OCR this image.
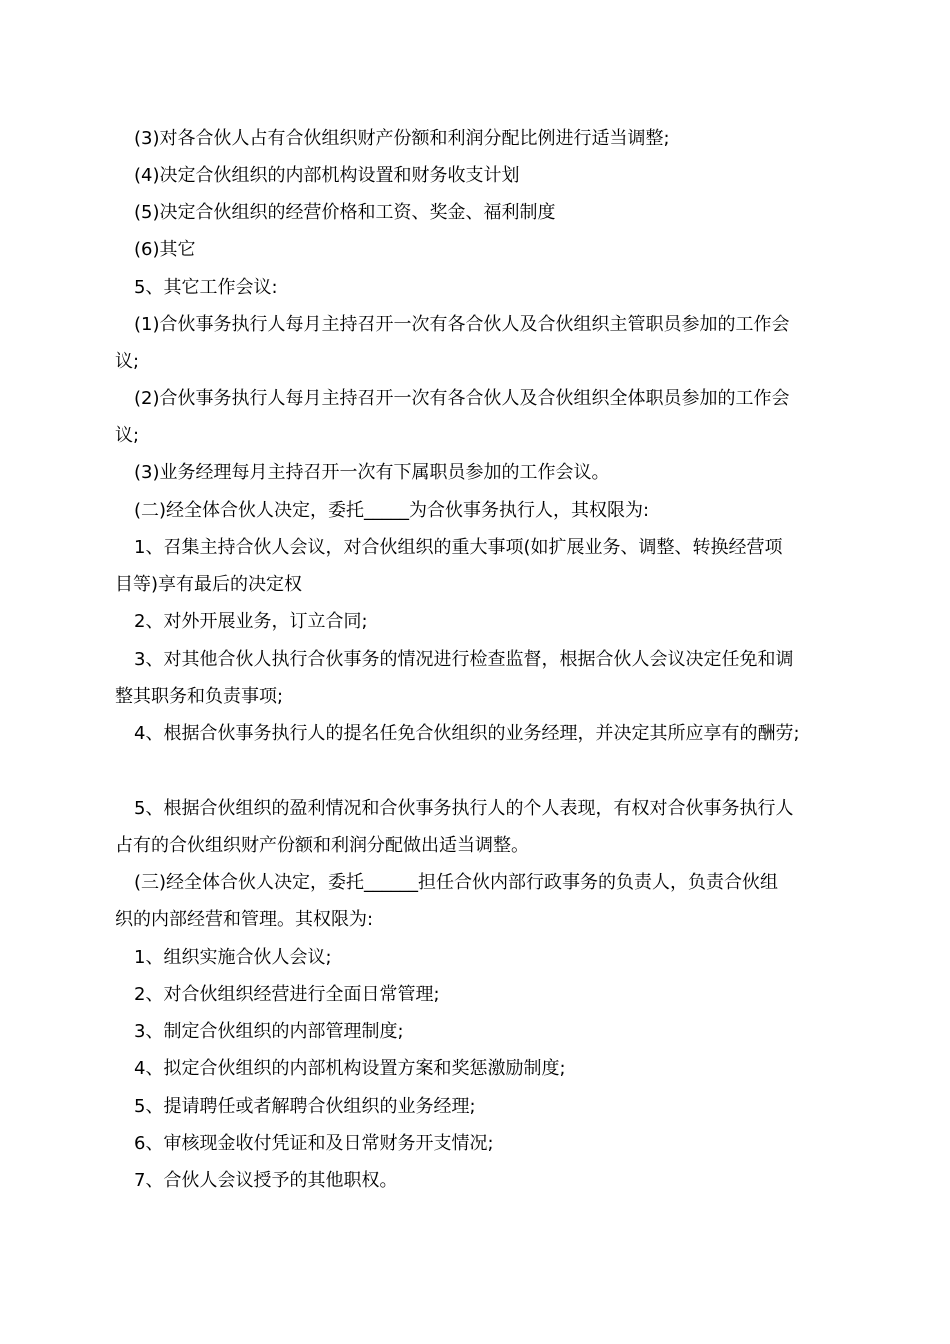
(3)对各合伙人占有合伙组织财产份额和利润分配比例进行适当调整;
(4)决定合伙组织的内部机构设置和财务收支计划
(5)决定合伙组织的经营价格和工资、奖金、福利制度
(6)其它
5、其它工作会议:
(1)合伙事务执行人每月主持召开一次有各合伙人及合伙组织主管职员参加的工作会
议;
(2)合伙事务执行人每月主持召开一次有各合伙人及合伙组织全体职员参加的工作会
议;
(3)业务经理每月主持召开一次有下属职员参加的工作会议。
(二)经全体合伙人决定，委托_____为合伙事务执行人，其权限为:
1、召集主持合伙人会议，对合伙组织的重大事项(如扩展业务、调整、转换经营项
目等)享有最后的决定权
2、对外开展业务，订立合同;
3、对其他合伙人执行合伙事务的情况进行检查监督，根据合伙人会议决定任免和调
整其职务和负责事项;
4、根据合伙事务执行人的提名任免合伙组织的业务经理，并决定其所应享有的酬劳;
5、根据合伙组织的盈利情况和合伙事务执行人的个人表现，有权对合伙事务执行人
占有的合伙组织财产份额和利润分配做出适当调整。
(三)经全体合伙人决定，委托______担任合伙内部行政事务的负责人，负责合伙组
织的内部经营和管理。其权限为:
1、组织实施合伙人会议;
2、对合伙组织经营进行全面日常管理;
3、制定合伙组织的内部管理制度;
4、拟定合伙组织的内部机构设置方案和奖惩激励制度;
5、提请聘任或者解聘合伙组织的业务经理;
6、审核现金收付凭证和及日常财务开支情况;
7、合伙人会议授予的其他职权。
